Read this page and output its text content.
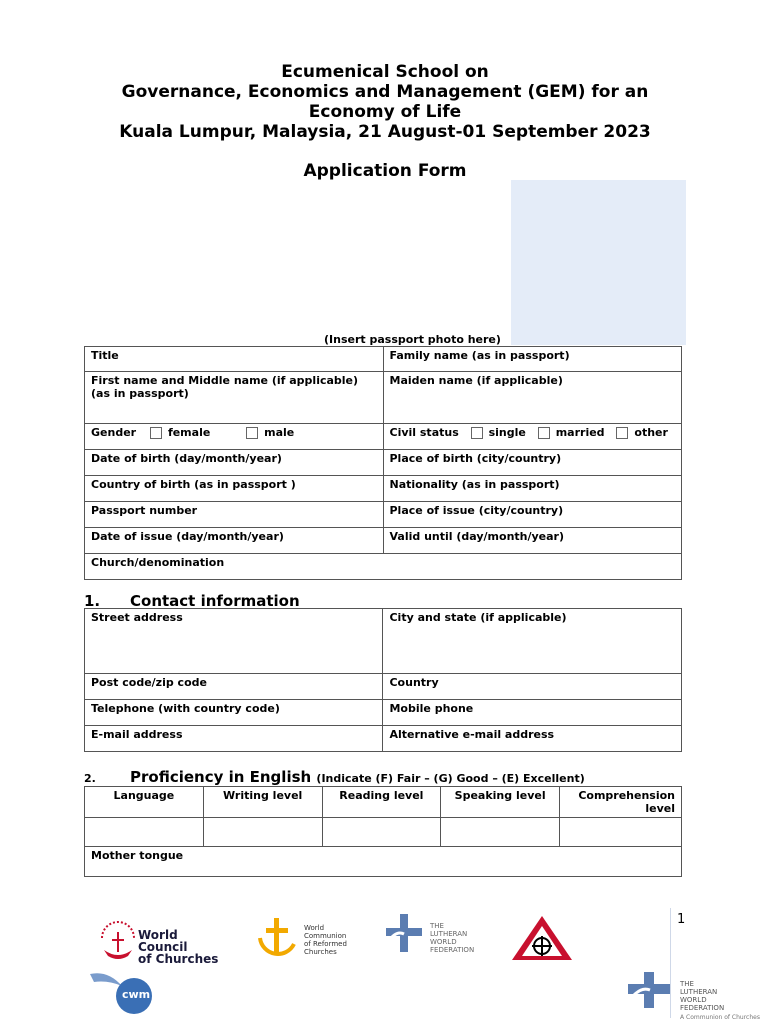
Ecumenical School on
Governance, Economics and Management (GEM) for an
Economy of Life
Kuala Lumpur, Malaysia, 21 August-01 September 2023
Application Form
(Insert passport photo here)
Title	Family name (as in passport)

First name and Middle name (if applicable)
(as in passport)	Maiden name (if applicable)
Gender female male	Civil status single married other
Date of birth (day/month/year)	Place of birth (city/country)
Country of birth (as in passport )	Nationality (as in passport)
Passport number	Place of issue (city/country)
Date of issue (day/month/year)	Valid until (day/month/year)
Church/denomination	
1. Contact information
Street address	City and state (if applicable)
Post code/zip code	Country
Telephone (with country code)	Mobile phone
E-mail address	Alternative e-mail address
2. Proficiency in English (Indicate (F) Fair – (G) Good – (E) Excellent)
Language	Writing level	Reading level	Speaking level	Comprehension level

Mother tongue				
World Council
of Churches
World
Communion
of Reformed
Churches
THE
LUTHERAN
WORLD
FEDERATION
cwm
1
THE
LUTHERAN
WORLD
FEDERATION
A Communion of Churches
